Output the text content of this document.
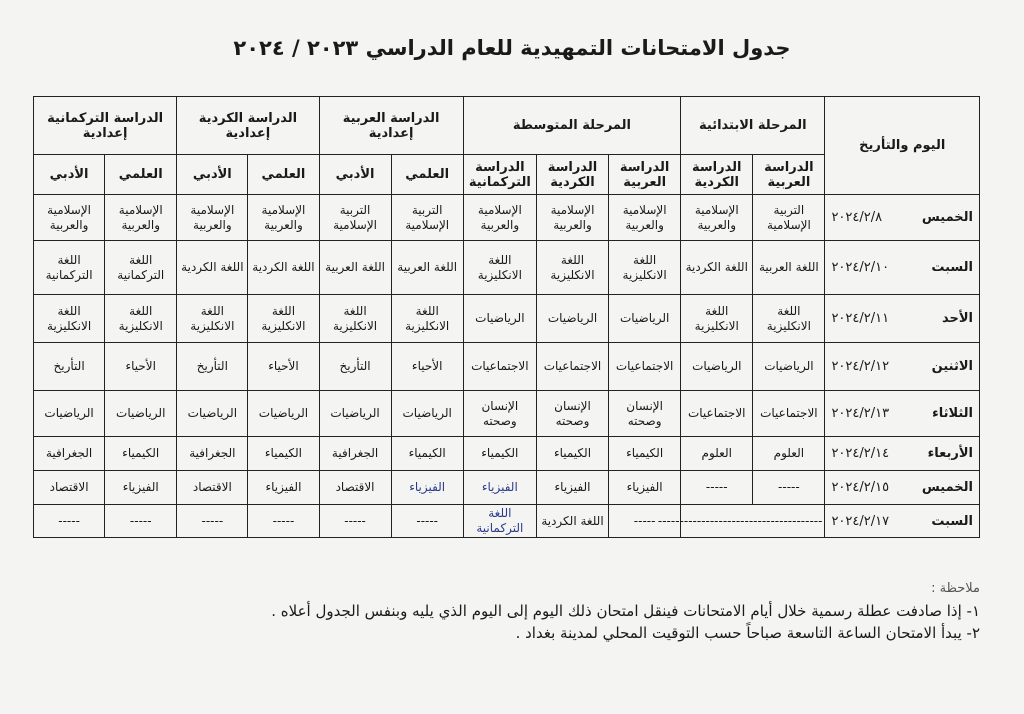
جدول الامتحانات التمهيدية للعام الدراسي ٢٠٢٣ / ٢٠٢٤
اليوم والتأريخ	المرحلة الابتدائية		المرحلة المتوسطة			الدراسة العربية إعدادية		الدراسة الكردية إعدادية		الدراسة التركمانية إعدادية	
	الدراسة العربية	الدراسة الكردية	الدراسة العربية	الدراسة الكردية	الدراسة التركمانية	العلمي	الأدبي	العلمي	الأدبي	العلمي	الأدبي

الخميس
٢٠٢٤/٢/٨	التربية الإسلامية	الإسلامية والعربية	الإسلامية والعربية	الإسلامية والعربية	الإسلامية والعربية	التربية الإسلامية	التربية الإسلامية	الإسلامية والعربية	الإسلامية والعربية	الإسلامية والعربية	الإسلامية والعربية

السبت
٢٠٢٤/٢/١٠	اللغة العربية	اللغة الكردية	اللغة الانكليزية	اللغة الانكليزية	اللغة الانكليزية	اللغة العربية	اللغة العربية	اللغة الكردية	اللغة الكردية	اللغة التركمانية	اللغة التركمانية

الأحد
٢٠٢٤/٢/١١	اللغة الانكليزية	اللغة الانكليزية	الرياضيات	الرياضيات	الرياضيات	اللغة الانكليزية	اللغة الانكليزية	اللغة الانكليزية	اللغة الانكليزية	اللغة الانكليزية	اللغة الانكليزية

الاثنين
٢٠٢٤/٢/١٢	الرياضيات	الرياضيات	الاجتماعيات	الاجتماعيات	الاجتماعيات	الأحياء	التأريخ	الأحياء	التأريخ	الأحياء	التأريخ

الثلاثاء
٢٠٢٤/٢/١٣	الاجتماعيات	الاجتماعيات	الإنسان وصحته	الإنسان وصحته	الإنسان وصحته	الرياضيات	الرياضيات	الرياضيات	الرياضيات	الرياضيات	الرياضيات

الأربعاء
٢٠٢٤/٢/١٤	العلوم	العلوم	الكيمياء	الكيمياء	الكيمياء	الكيمياء	الجغرافية	الكيمياء	الجغرافية	الكيمياء	الجغرافية

الخميس
٢٠٢٤/٢/١٥	-----	-----	الفيزياء	الفيزياء	الفيزياء	الفيزياء	الاقتصاد	الفيزياء	الاقتصاد	الفيزياء	الاقتصاد

السبت
٢٠٢٤/٢/١٧	--------------------------------------		-----	اللغة الكردية	اللغة التركمانية	-----	-----	-----	-----	-----	-----
ملاحظة :
١- إذا صادفت عطلة رسمية خلال أيام الامتحانات فينقل امتحان ذلك اليوم إلى اليوم الذي يليه وبنفس الجدول أعلاه .
٢- يبدأ الامتحان الساعة التاسعة صباحاً حسب التوقيت المحلي لمدينة بغداد .
